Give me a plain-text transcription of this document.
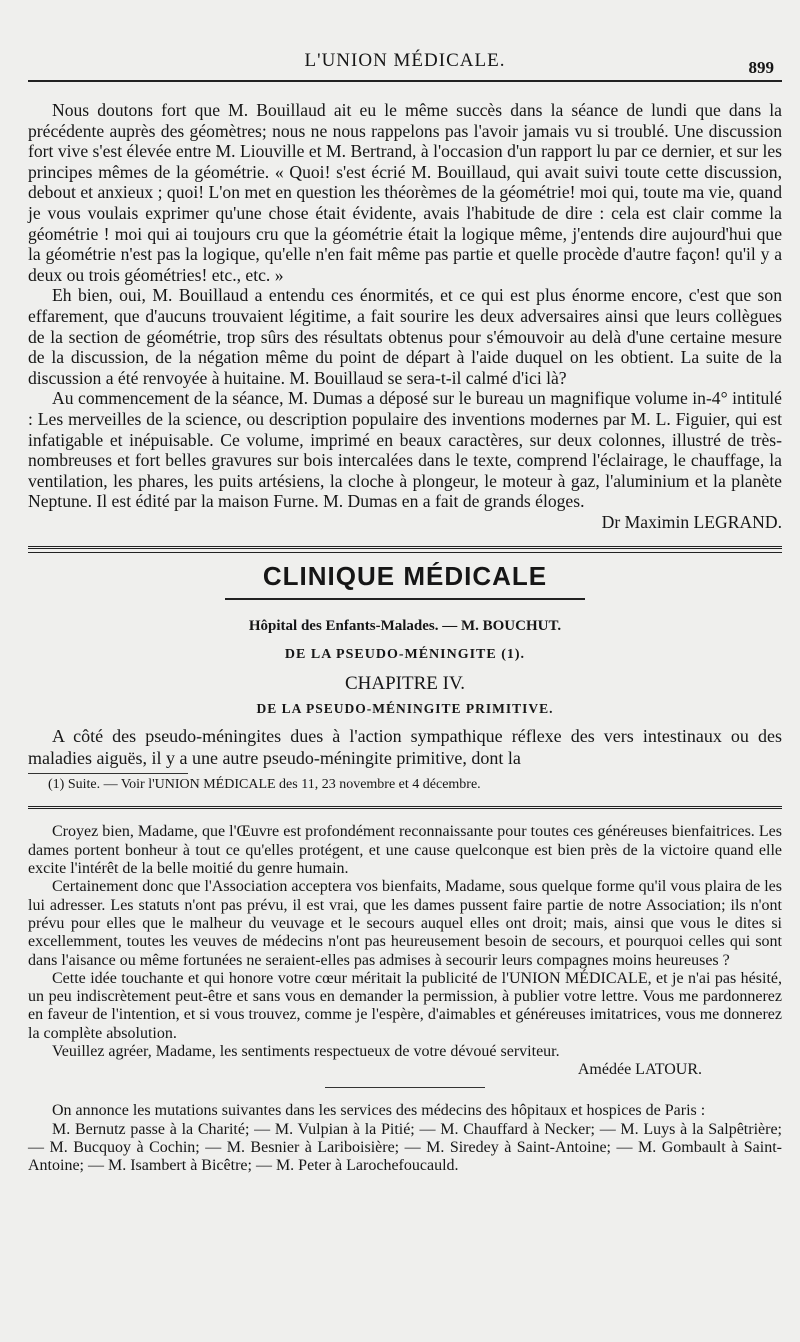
L'UNION MÉDICALE.	899

Nous doutons fort que M. Bouillaud ait eu le même succès dans la séance de lundi que dans la précédente auprès des géomètres; nous ne nous rappelons pas l'avoir jamais vu si troublé. Une discussion fort vive s'est élevée entre M. Liouville et M. Bertrand, à l'occasion d'un rapport lu par ce dernier, et sur les principes mêmes de la géométrie. « Quoi! s'est écrié M. Bouillaud, qui avait suivi toute cette discussion, debout et anxieux ; quoi! L'on met en question les théorèmes de la géométrie! moi qui, toute ma vie, quand je vous voulais exprimer qu'une chose était évidente, avais l'habitude de dire : cela est clair comme la géométrie ! moi qui ai toujours cru que la géométrie était la logique même, j'entends dire aujourd'hui que la géométrie n'est pas la logique, qu'elle n'en fait même pas partie et quelle procède d'autre façon! qu'il y a deux ou trois géométries! etc., etc. »

Eh bien, oui, M. Bouillaud a entendu ces énormités, et ce qui est plus énorme encore, c'est que son effarement, que d'aucuns trouvaient légitime, a fait sourire les deux adversaires ainsi que leurs collègues de la section de géométrie, trop sûrs des résultats obtenus pour s'émouvoir au delà d'une certaine mesure de la discussion, de la négation même du point de départ à l'aide duquel on les obtient. La suite de la discussion a été renvoyée à huitaine. M. Bouillaud se sera-t-il calmé d'ici là?

Au commencement de la séance, M. Dumas a déposé sur le bureau un magnifique volume in-4° intitulé : Les merveilles de la science, ou description populaire des inventions modernes par M. L. Figuier, qui est infatigable et inépuisable. Ce volume, imprimé en beaux caractères, sur deux colonnes, illustré de très-nombreuses et fort belles gravures sur bois intercalées dans le texte, comprend l'éclairage, le chauffage, la ventilation, les phares, les puits artésiens, la cloche à plongeur, le moteur à gaz, l'aluminium et la planète Neptune. Il est édité par la maison Furne. M. Dumas en a fait de grands éloges.

Dr Maximin LEGRAND.
CLINIQUE MÉDICALE
Hôpital des Enfants-Malades. — M. BOUCHUT.
DE LA PSEUDO-MÉNINGITE (1).
CHAPITRE IV.
DE LA PSEUDO-MÉNINGITE PRIMITIVE.

A côté des pseudo-méningites dues à l'action sympathique réflexe des vers intestinaux ou des maladies aiguës, il y a une autre pseudo-méningite primitive, dont la

(1) Suite. — Voir l'UNION MÉDICALE des 11, 23 novembre et 4 décembre.

Croyez bien, Madame, que l'Œuvre est profondément reconnaissante pour toutes ces généreuses bienfaitrices. Les dames portent bonheur à tout ce qu'elles protégent, et une cause quelconque est bien près de la victoire quand elle excite l'intérêt de la belle moitié du genre humain.

Certainement donc que l'Association acceptera vos bienfaits, Madame, sous quelque forme qu'il vous plaira de les lui adresser. Les statuts n'ont pas prévu, il est vrai, que les dames pussent faire partie de notre Association; ils n'ont prévu pour elles que le malheur du veuvage et le secours auquel elles ont droit; mais, ainsi que vous le dites si excellemment, toutes les veuves de médecins n'ont pas heureusement besoin de secours, et pourquoi celles qui sont dans l'aisance ou même fortunées ne seraient-elles pas admises à secourir leurs compagnes moins heureuses ?

Cette idée touchante et qui honore votre cœur méritait la publicité de l'UNION MÉDICALE, et je n'ai pas hésité, un peu indiscrètement peut-être et sans vous en demander la permission, à publier votre lettre. Vous me pardonnerez en faveur de l'intention, et si vous trouvez, comme je l'espère, d'aimables et généreuses imitatrices, vous me donnerez la complète absolution.

Veuillez agréer, Madame, les sentiments respectueux de votre dévoué serviteur.

Amédée LATOUR.

On annonce les mutations suivantes dans les services des médecins des hôpitaux et hospices de Paris :

M. Bernutz passe à la Charité; — M. Vulpian à la Pitié; — M. Chauffard à Necker; — M. Luys à la Salpêtrière; — M. Bucquoy à Cochin; — M. Besnier à Lariboisière; — M. Siredey à Saint-Antoine; — M. Gombault à Saint-Antoine; — M. Isambert à Bicêtre; — M. Peter à Larochefoucauld.
